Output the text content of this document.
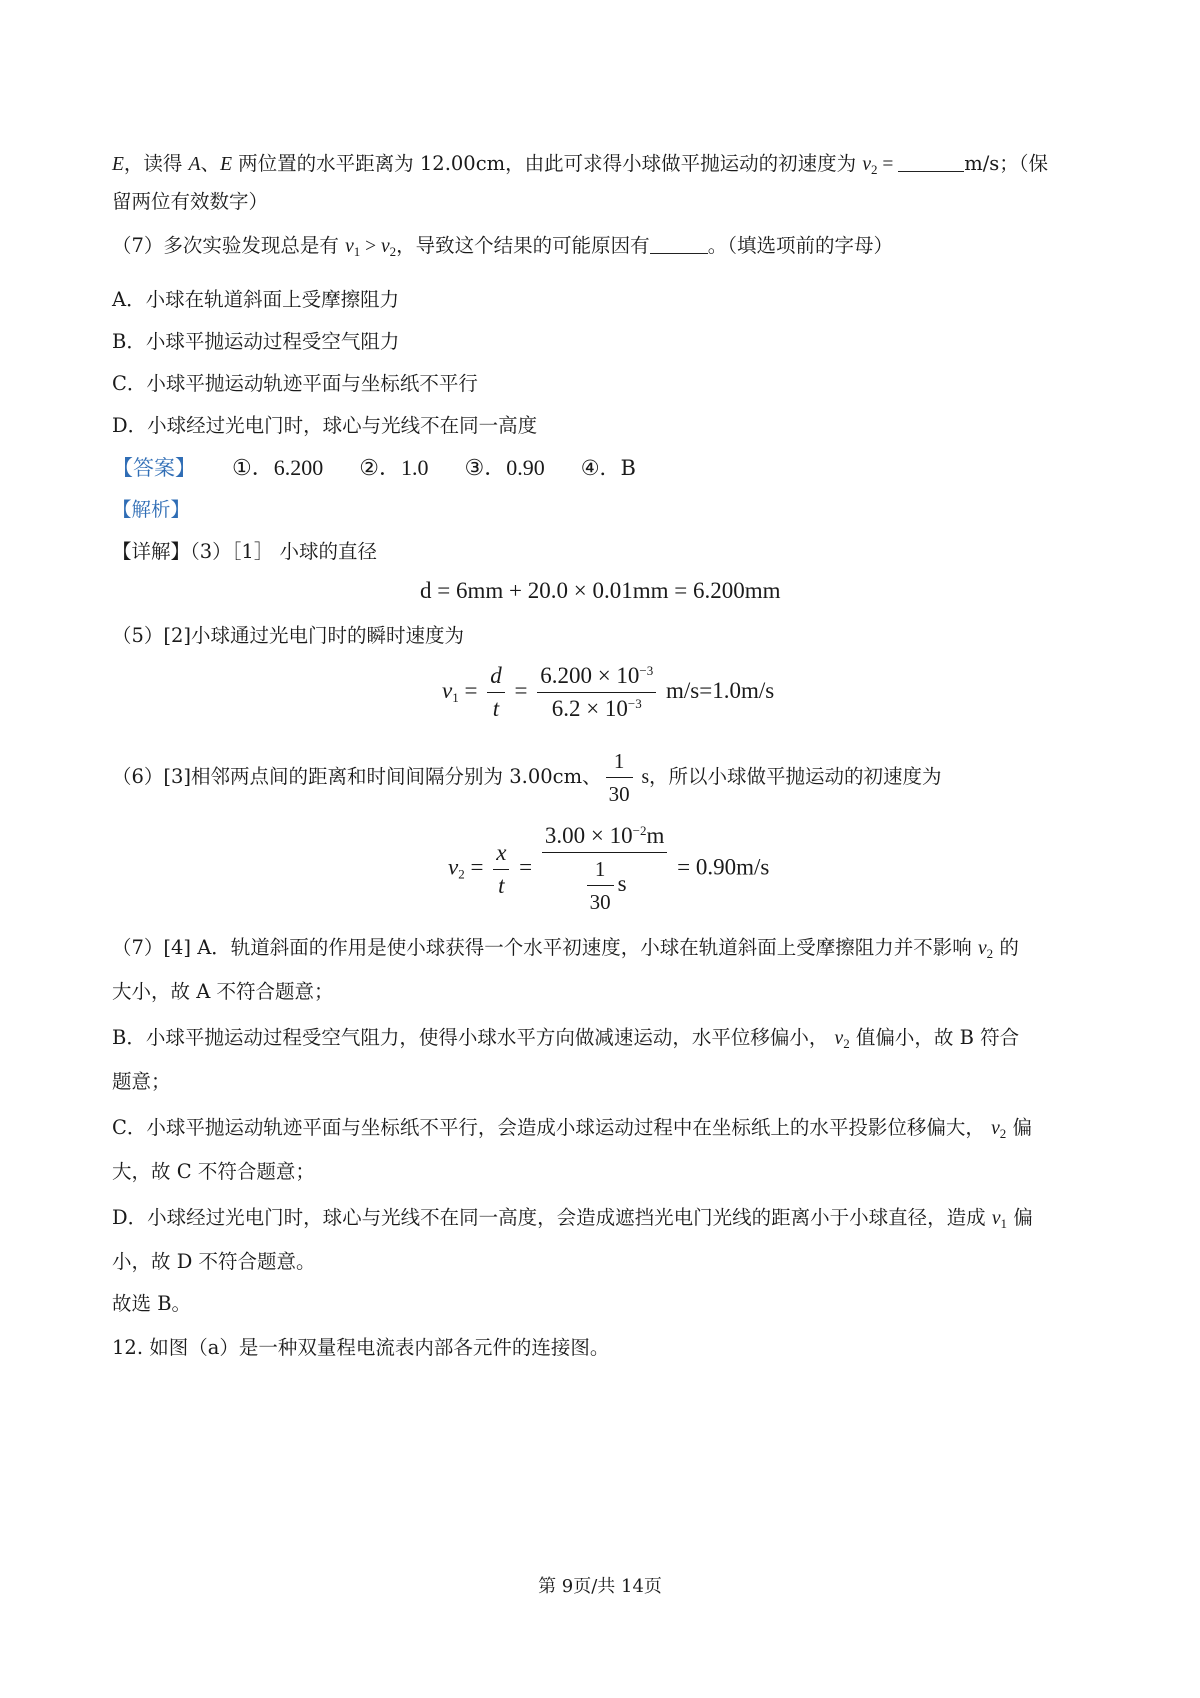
E，读得 A、E 两位置的水平距离为 12.00cm，由此可求得小球做平抛运动的初速度为 $v_2$ =	m/s；（保
留两位有效数字）
（7）多次实验发现总是有 $v_1 > v_2$，导致这个结果的可能原因有	。（填选项前的字母）
A．小球在轨道斜面上受摩擦阻力
B．小球平抛运动过程受空气阻力
C．小球平抛运动轨迹平面与坐标纸不平行
D．小球经过光电门时，球心与光线不在同一高度
【答案】 ①．6.200 ②．1.0 ③．0.90 ④．B
【解析】
【详解】（3）［1］ 小球的直径
d = 6mm + 20.0 × 0.01mm = 6.200mm
（5）[2]小球通过光电门时的瞬时速度为
$v_1 = \frac{d}{t} = \frac{6.200 \times 10^{-3}}{6.2 \times 10^{-3}} m/s=1.0m/s$
（6）[3]相邻两点间的距离和时间间隔分别为 3.00cm、 $\frac{1}{30}$ s，所以小球做平抛运动的初速度为
$v_2 = \frac{x}{t} = \frac{3.00 \times 10^{-2}m}{\frac{1}{30} s} = 0.90m/s$
（7）[4] A．轨道斜面的作用是使小球获得一个水平初速度，小球在轨道斜面上受摩擦阻力并不影响 $v_2$ 的
大小，故 A 不符合题意；
B．小球平抛运动过程受空气阻力，使得小球水平方向做减速运动，水平位移偏小， $v_2$ 值偏小，故 B 符合
题意；
C．小球平抛运动轨迹平面与坐标纸不平行，会造成小球运动过程中在坐标纸上的水平投影位移偏大， $v_2$ 偏
大，故 C 不符合题意；
D．小球经过光电门时，球心与光线不在同一高度，会造成遮挡光电门光线的距离小于小球直径，造成 $v_1$ 偏
小，故 D 不符合题意。
故选 B。
12. 如图（a）是一种双量程电流表内部各元件的连接图。
第 9页/共 14页
